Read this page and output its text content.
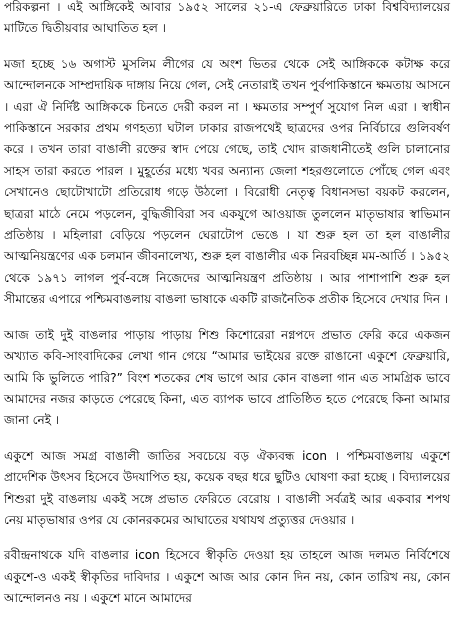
পরিকল্পনা । এই আঙ্গিকেই আবার ১৯৫২ সালের ২১-এ ফেব্রুয়ারিতে ঢাকা বিশ্ববিদ্যালয়ের মাটিতে দ্বিতীয়বার আঘাতিত হল ।

মজা হচ্ছে ১৬ অগাস্ট মুসলিম লীগের যে অংশ ভিতর থেকে সেই আঙ্গিককে কটাক্ষ করে আন্দোলনকে সাম্প্রদায়িক দাঙ্গায় নিয়ে গেল, সেই নেতারাই তখন পুর্বপাকিস্তানে ক্ষমতায় আসনে । এরা ঐ নির্দিষ্ট আঙ্গিককে চিনতে দেরী করল না । ক্ষমতার সম্পুর্ণ সুযোগ নিল এরা । স্বাধীন পাকিস্তানে সরকার প্রথম গণহত্যা ঘটাল ঢাকার রাজপথেই ছাত্রদের ওপর নির্বিচারে গুলিবর্ষণ করে । তখন তারা বাঙালী রক্তের স্বাদ পেয়ে গেছে, তাই খোদ রাজধানীতেই গুলি চালানোর সাহস তারা করতে পারল । মুহূর্তের মধ্যে খবর অন্যান্য জেলা শহরগুলোতে পোঁছে গেল এবং সেখানেও ছোটোখাটো প্রতিরোধ গড়ে উঠলো । বিরোধী নেতৃত্ব বিধানসভা বয়কট করলেন, ছাত্ররা মাঠে নেমে পড়লেন, বুদ্ধিজীবিরা সব একযুগে আওয়াজ তুললেন মাতৃভাষার স্বাভিমান প্রতিষ্ঠায় । মহিলারা বেড়িয়ে পড়লেন ঘেরাটোপ ভেঙে । যা শুরু হল তা হল বাঙালীর আত্মনিয়ন্ত্রণের এক চলমান জীবনালেখ্য, শুরু হল বাঙালীর এক নিরবচ্ছিন্ন মম-আর্তি । ১৯৫২ থেকে ১৯৭১ লাগল পুর্ব-বঙ্গে নিজেদের আত্মনিয়ন্ত্রণ প্রতিষ্ঠায় । আর পাশাপাশি শুরু হল সীমান্তের এপারে পশ্চিমবাঙলায় বাঙলা ভাষাকে একটি রাজনৈতিক প্রতীক হিসেবে দেখার দিন ।

আজ তাই দুই বাঙলার পাড়ায় পাড়ায় শিশু কিশোরেরা নগ্নপদে প্রভাত ফেরি করে একজন অখ্যাত কবি-সাংবাদিকের লেখা গান গেয়ে “আমার ভাইয়ের রক্তে রাঙানো একুশে ফেব্রুয়ারি, আমি কি ভুলিতে পারি?” বিংশ শতকের শেষ ভাগে আর কোন বাঙলা গান এত সামগ্রিক ভাবে আমাদের নজর কাড়তে পেরেছে কিনা, এত ব্যাপক ভাবে প্রাতিষ্ঠিত হতে পেরেছে কিনা আমার জানা নেই ।

একুশে আজ সমগ্র বাঙালী জাতির সবচেয়ে বড় ঐক্যবন্ধ icon । পশ্চিমবাঙলায় একুশে প্রাদেশিক উৎসব হিসেবে উদযাপিত হয়, কয়েক বছর ধরে ছুটিও ঘোষণা করা হচ্ছে । বিদ্যালয়ের শিশুরা দুই বাঙলায় একই সঙ্গে প্রভাত ফেরিতে বেরোয় । বাঙালী সর্বত্রই আর একবার শপথ নেয় মাতৃভাষার ওপর যে কোনরকমের আঘাতের যথাযথ প্রত্যুত্তর দেওয়ার ।

রবীন্দ্রনাথকে যদি বাঙলার icon হিসেবে স্বীকৃতি দেওয়া হয় তাহলে আজ দলমত নির্বিশেষে একুশে-ও একই স্বীকৃতির দাবিদার । একুশে আজ আর কোন দিন নয়, কোন তারিখ নয়, কোন আন্দোলনও নয় । একুশে মানে আমাদের
